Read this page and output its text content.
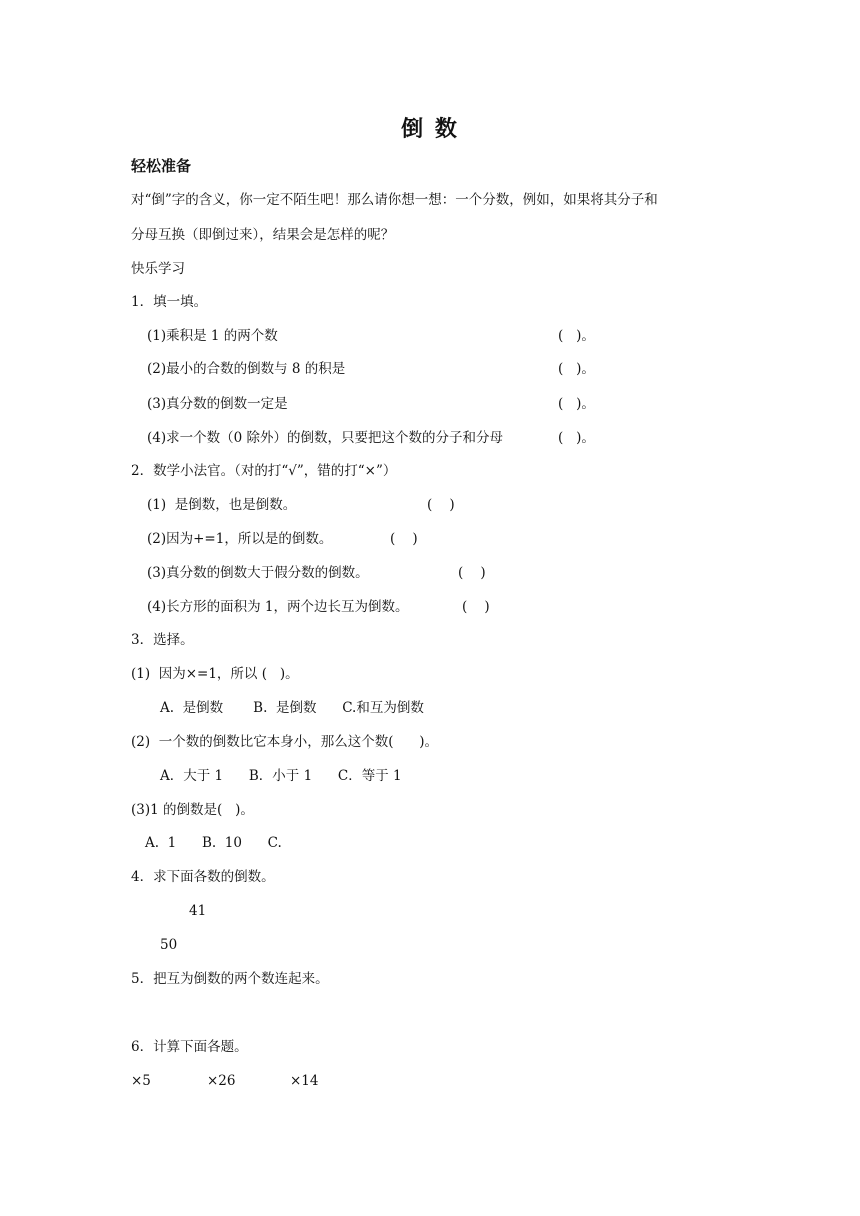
倒 数
轻松准备
对“倒”字的含义，你一定不陌生吧！那么请你想一想：一个分数，例如，如果将其分子和
分母互换（即倒过来），结果会是怎样的呢？
快乐学习
1．填一填。
(1)乘积是 1 的两个数	(   )。
(2)最小的合数的倒数与 8 的积是	(   )。
(3)真分数的倒数一定是	(   )。
(4)求一个数（0 除外）的倒数，只要把这个数的分子和分母	(   )。
2．数学小法官。（对的打“√”，错的打“×”）
(1)  是倒数，也是倒数。	(    )
(2)因为+=1，所以是的倒数。	(    )
(3)真分数的倒数大于假分数的倒数。	(    )
(4)长方形的面积为 1，两个边长互为倒数。	(    )
3．选择。
(1)  因为×=1，所以 (   )。
A.  是倒数       B.  是倒数      C.和互为倒数
(2)  一个数的倒数比它本身小，那么这个数(      )。
A．大于 1      B．小于 1      C．等于 1
(3)1 的倒数是(   )。
A.  1      B.  10      C.
4．求下面各数的倒数。
41
50
5．把互为倒数的两个数连起来。
6．计算下面各题。
×5	×26	×14
